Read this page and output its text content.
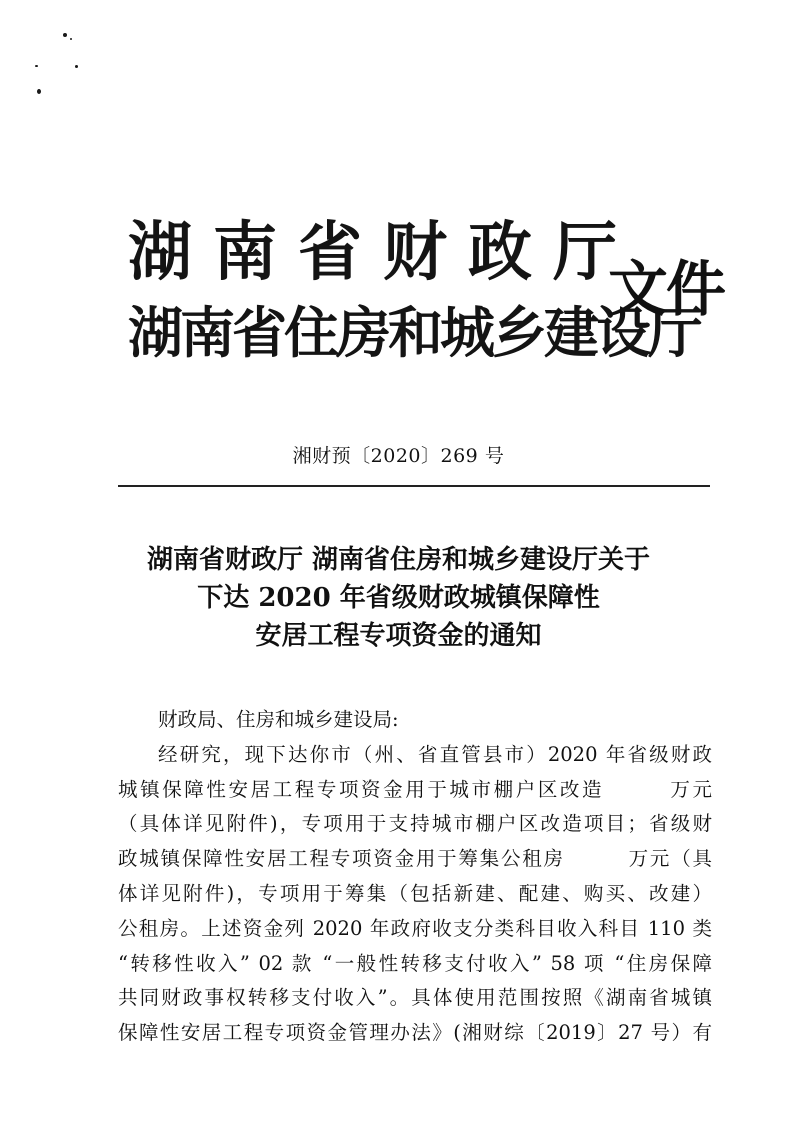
湖南省财政厅
湖南省住房和城乡建设厅
文件
湘财预〔2020〕269 号
湖南省财政厅 湖南省住房和城乡建设厅关于
下达 2020 年省级财政城镇保障性
安居工程专项资金的通知

财政局、住房和城乡建设局:

经研究，现下达你市（州、省直管县市）2020 年省级财政
城镇保障性安居工程专项资金用于城市棚户区改造　　　万元
（具体详见附件)，专项用于支持城市棚户区改造项目；省级财
政城镇保障性安居工程专项资金用于筹集公租房　　　万元（具
体详见附件)，专项用于筹集（包括新建、配建、购买、改建）
公租房。上述资金列 2020 年政府收支分类科目收入科目 110 类
“转移性收入” 02 款 “一般性转移支付收入” 58 项 “住房保障
共同财政事权转移支付收入”。具体使用范围按照《湖南省城镇
保障性安居工程专项资金管理办法》(湘财综〔2019〕27 号）有
